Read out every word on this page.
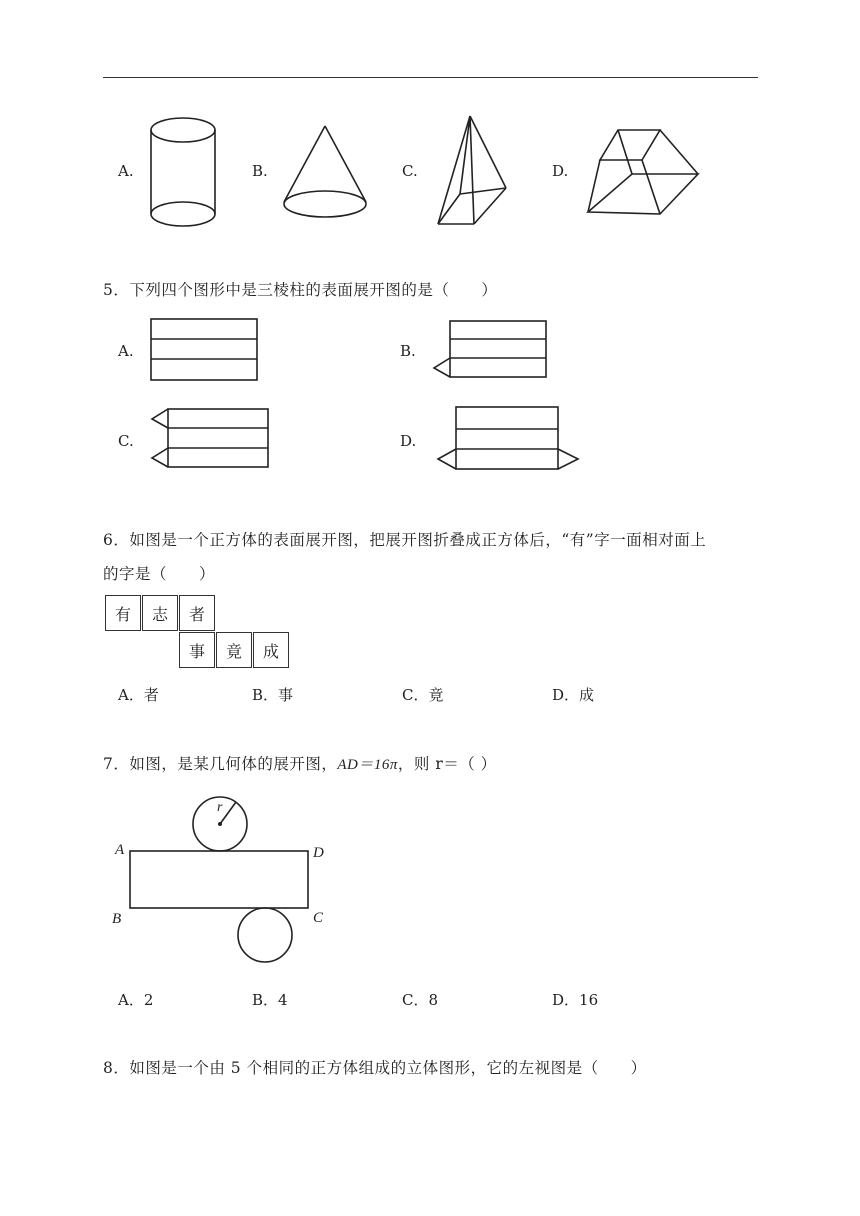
A.	B.	C.	D.
5．下列四个图形中是三棱柱的表面展开图的是（　　）
A.	B.
C.	D.
6．如图是一个正方体的表面展开图，把展开图折叠成正方体后，“有”字一面相对面上
的字是（　　）
有	志	者
事	竟	成
A．者	B．事	C．竟	D．成
7．如图，是某几何体的展开图，AD＝16π，则 r＝（ ）
r
A	D
B	C
A．2	B．4	C．8	D．16
8．如图是一个由 5 个相同的正方体组成的立体图形，它的左视图是（　　）
